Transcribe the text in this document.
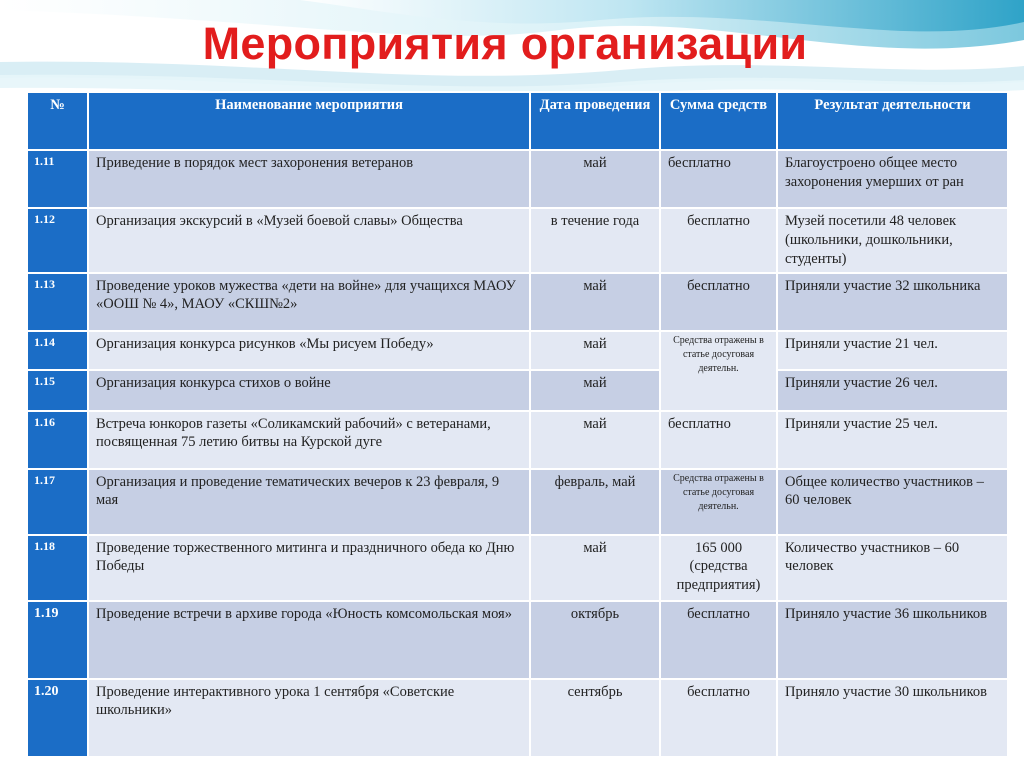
Мероприятия организации
№	Наименование мероприятия	Дата проведения	Сумма средств	Результат деятельности
1.11	Приведение в порядок мест захоронения ветеранов	май	бесплатно	Благоустроено общее место захоронения умерших от ран
1.12	Организация экскурсий в «Музей боевой славы» Общества	в течение года	бесплатно	Музей посетили 48 человек (школьники, дошкольники, студенты)
1.13	Проведение уроков мужества «дети на войне» для учащихся МАОУ «ООШ № 4», МАОУ «СКШ№2»	май	бесплатно	Приняли участие 32 школьника
1.14	Организация конкурса рисунков «Мы рисуем Победу»	май	Средства отражены в статье досуговая деятельн.	Приняли участие 21 чел.
1.15	Организация конкурса стихов о войне	май		Приняли участие 26 чел.
1.16	Встреча юнкоров газеты «Соликамский рабочий» с ветеранами, посвященная 75 летию битвы на Курской дуге	май	бесплатно	Приняли участие 25 чел.
1.17	Организация и проведение тематических вечеров к 23 февраля, 9 мая	февраль, май	Средства отражены в статье досуговая деятельн.	Общее количество участников – 60 человек
1.18	Проведение торжественного митинга и праздничного обеда ко Дню Победы	май	165 000 (средства предприятия)	Количество участников – 60 человек
1.19	Проведение встречи в архиве города «Юность комсомольская моя»	октябрь	бесплатно	Приняло участие 36 школьников
1.20	Проведение интерактивного урока 1 сентября «Советские школьники»	сентябрь	бесплатно	Приняло участие 30 школьников
